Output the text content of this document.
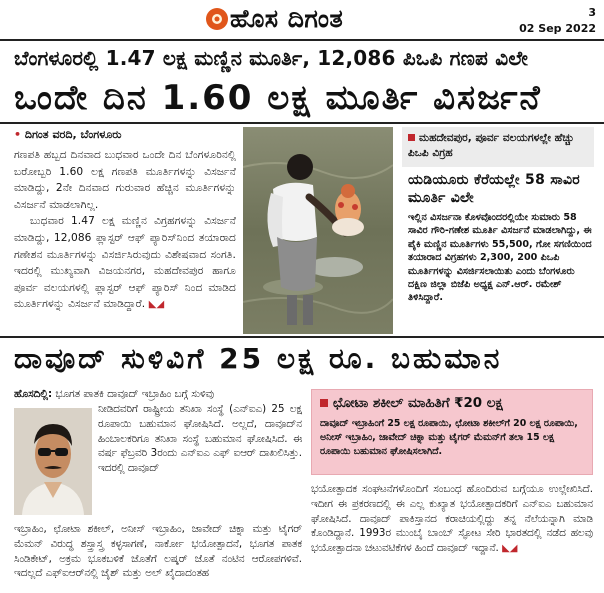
ಹೊಸ ದಿಗಂತ	3
02 Sep 2022
ಬೆಂಗಳೂರಲ್ಲಿ 1.47 ಲಕ್ಷ ಮಣ್ಣಿನ ಮೂರ್ತಿ, 12,086 ಪಿಒಪಿ ಗಣಪ ವಿಲೇ
ಒಂದೇ ದಿನ 1.60 ಲಕ್ಷ ಮೂರ್ತಿ ವಿಸರ್ಜನೆ
• ದಿಗಂತ ವರದಿ, ಬೆಂಗಳೂರು

ಗಣಪತಿ ಹಬ್ಬದ ದಿನವಾದ ಬುಧವಾರ ಒಂದೇ ದಿನ ಬೆಂಗಳೂರಿನಲ್ಲಿ ಬರೋಬ್ಬರಿ 1.60 ಲಕ್ಷ ಗಣಪತಿ ಮೂರ್ತಿಗಳನ್ನು ವಿಸರ್ಜನೆ ಮಾಡಿದ್ದು, 2ನೇ ದಿನವಾದ ಗುರುವಾರ ಹೆಚ್ಚಿನ ಮೂರ್ತಿಗಳನ್ನು ವಿಸರ್ಜನೆ ಮಾಡಲಾಗಿಲ್ಲ.

ಬುಧವಾರ 1.47 ಲಕ್ಷ ಮಣ್ಣಿನ ವಿಗ್ರಹಗಳನ್ನು ವಿಸರ್ಜನೆ ಮಾಡಿದ್ದು, 12,086 ಪ್ಲಾಸ್ಟರ್ ಆಫ್ ಪ್ಯಾರಿಸ್‌ನಿಂದ ತಯಾರಾದ ಗಣೇಶನ ಮೂರ್ತಿಗಳನ್ನು ವಿಸರ್ಜಿಸಿರುವುದು ವಿಶೇಷವಾದ ಸಂಗತಿ. ಇದರಲ್ಲಿ ಮುಖ್ಯವಾಗಿ ವಿಜಯನಗರ, ಮಹದೇವಪುರ ಹಾಗೂ ಪೂರ್ವ ವಲಯಗಳಲ್ಲಿ ಪ್ಲಾಸ್ಟರ್ ಆಫ್ ಪ್ಯಾರಿಸ್ ನಿಂದ ಮಾಡಿದ ಮೂರ್ತಿಗಳನ್ನು ವಿಸರ್ಜನೆ ಮಾಡಿದ್ದಾರೆ. ◣◢

ಮಹದೇವಪುರ, ಪೂರ್ವ ವಲಯಗಳಲ್ಲೇ ಹೆಚ್ಚು ಪಿಒಪಿ ವಿಗ್ರಹ
ಯಡಿಯೂರು ಕೆರೆಯಲ್ಲೇ 58 ಸಾವಿರ ಮೂರ್ತಿ ವಿಲೇ
ಇಲ್ಲಿನ ವಿಸರ್ಜನಾ ಕೊಳವೊಂದರಲ್ಲಿಯೇ ಸುಮಾರು 58 ಸಾವಿರ ಗೌರಿ-ಗಣೇಶ ಮೂರ್ತಿ ವಿಸರ್ಜನೆ ಮಾಡಲಾಗಿದ್ದು, ಈ ಪೈಕಿ ಮಣ್ಣಿನ ಮೂರ್ತಿಗಳು 55,500, ಗೋ ಸಗಣಿಯಿಂದ ತಯಾರಾದ ವಿಗ್ರಹಗಳು 2,300, 200 ಪಿಒಪಿ ಮೂರ್ತಿಗಳನ್ನು ವಿಸರ್ಜಿಸಲಾಯಿತು ಎಂದು ಬೆಂಗಳೂರು ದಕ್ಷಿಣ ಜಿಲ್ಲಾ ಬಿಜೆಪಿ ಅಧ್ಯಕ್ಷ ಎನ್.ಆರ್. ರಮೇಶ್ ತಿಳಿಸಿದ್ದಾರೆ.
ದಾವೂದ್ ಸುಳಿವಿಗೆ 25 ಲಕ್ಷ ರೂ. ಬಹುಮಾನ
ಹೊಸದಿಲ್ಲಿ: ಭೂಗತ ಪಾತಕಿ ದಾವೂದ್ ಇಬ್ರಾಹಿಂ ಬಗ್ಗೆ ಸುಳಿವು
ನೀಡಿದವರಿಗೆ ರಾಷ್ಟ್ರೀಯ ತನಿಖಾ ಸಂಸ್ಥೆ (ಎನ್‌ಐಎ) 25 ಲಕ್ಷ ರೂಪಾಯಿ ಬಹುಮಾನ ಘೋಷಿಸಿದೆ. ಅಲ್ಲದೆ, ದಾವೂದ್‌ನ ಹಿಂಬಾಲಕರಿಗೂ ತನಿಖಾ ಸಂಸ್ಥೆ ಬಹುಮಾನ ಘೋಷಿಸಿದೆ. ಈ ವರ್ಷ ಫೆಬ್ರವರಿ 3ರಂದು ಎನ್‌ಐಎ ಎಫ್ ಐಆರ್ ದಾಖಲಿಸಿತ್ತು. ಇದರಲ್ಲಿ ದಾವೂದ್
ಇಬ್ರಾಹಿಂ, ಛೋಟಾ ಶಕೀಲ್, ಅನೀಸ್ ಇಬ್ರಾಹಿಂ, ಜಾವೇದ್ ಚಿಕ್ನಾ ಮತ್ತು ಟೈಗರ್ ಮೆಮನ್ ವಿರುದ್ಧ ಶಸ್ತ್ರಾಸ್ತ್ರ ಕಳ್ಳಸಾಗಣೆ, ನಾರ್ಕೋ ಭಯೋತ್ಪಾದನೆ, ಭೂಗತ ಪಾತಕ ಸಿಂಡಿಕೇಟ್, ಅಕ್ರಮ ಭೂಕಬಳಿಕೆ ಜೊತೆಗೆ ಲಷ್ಕರ್ ಜೊತೆ ನಂಟಿನ ಆರೋಪಗಳಿವೆ. ಇದಲ್ಲದೆ ಎಫ್‌ಐಆರ್‌ನಲ್ಲಿ ಜೈಶ್ ಮತ್ತು ಅಲ್ ಖೈದಾದಂತಹ
ಛೋಟಾ ಶಕೀಲ್ ಮಾಹಿತಿಗೆ ₹20 ಲಕ್ಷ
ದಾವೂದ್ ಇಬ್ರಾಹಿಂಗೆ 25 ಲಕ್ಷ ರೂಪಾಯಿ, ಛೋಟಾ ಶಕೀಲ್‌ಗೆ 20 ಲಕ್ಷ ರೂಪಾಯಿ, ಅನೀಸ್ ಇಬ್ರಾಹಿಂ, ಜಾವೇದ್ ಚಿಕ್ನಾ ಮತ್ತು ಟೈಗರ್ ಮೆಮನ್‌ಗೆ ತಲಾ 15 ಲಕ್ಷ ರೂಪಾಯಿ ಬಹುಮಾನ ಘೋಷಿಸಲಾಗಿದೆ.
ಭಯೋತ್ಪಾದಕ ಸಂಘಟನೆಗಳೊಂದಿಗೆ ಸಂಬಂಧ ಹೊಂದಿರುವ ಬಗ್ಗೆಯೂ ಉಲ್ಲೇಖಿಸಿದೆ. ಇದೀಗ ಈ ಪ್ರಕರಣದಲ್ಲಿ ಈ ಎಲ್ಲ ಕುಖ್ಯಾತ ಭಯೋತ್ಪಾದಕರಿಗೆ ಎನ್‌ಐಎ ಬಹುಮಾನ ಘೋಷಿಸಿದೆ. ದಾವೂದ್ ಪಾಕಿಸ್ತಾನದ ಕರಾಚಿಯಲ್ಲಿದ್ದು ತನ್ನ ನೆಲೆಯನ್ನಾಗಿ ಮಾಡಿ ಕೊಂಡಿದ್ದಾನೆ. 1993ರ ಮುಂಬೈ ಬಾಂಬ್ ಸ್ಫೋಟ ಸೇರಿ ಭಾರತದಲ್ಲಿ ನಡೆದ ಹಲವು ಭಯೋತ್ಪಾದನಾ ಚಟುವಟಿಕೆಗಳ ಹಿಂದೆ ದಾವೂದ್ ಇದ್ದಾನೆ. ◣◢
